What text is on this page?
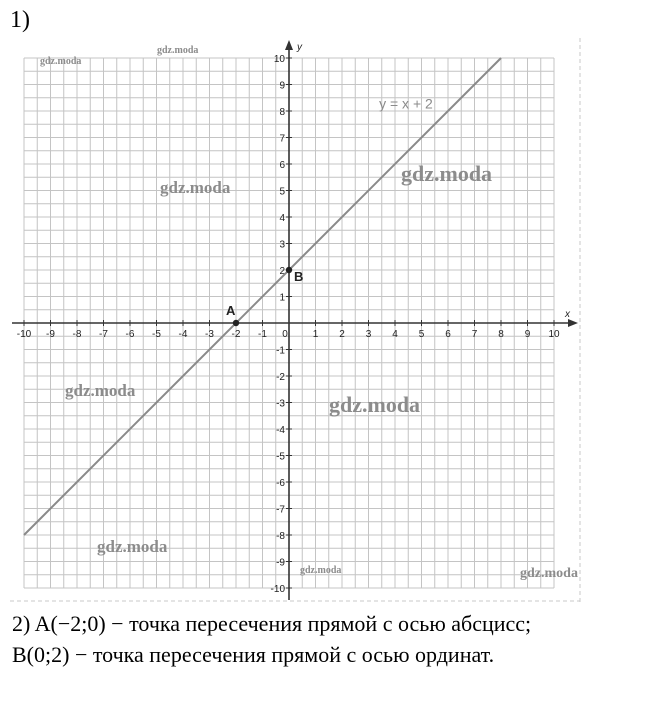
1)
x
y
-10 -9 -8 -7 -6 -5 -4 -3 -2 -1 0 1 2 3 4 5 6 7 8 9 10
-10
-9
-8
-7
-6
-5
-4
-3
-2
-1
1
2
3
4
5
6
7
8
9
10
y = x + 2
A
B
gdz.moda
gdz.moda
gdz.moda
gdz.moda
gdz.moda
gdz.moda
gdz.moda
gdz.moda	gdz.moda
2) A(−2;0) − точка пересечения прямой с осью абсцисс;
B(0;2) − точка пересечения прямой с осью ординат.
